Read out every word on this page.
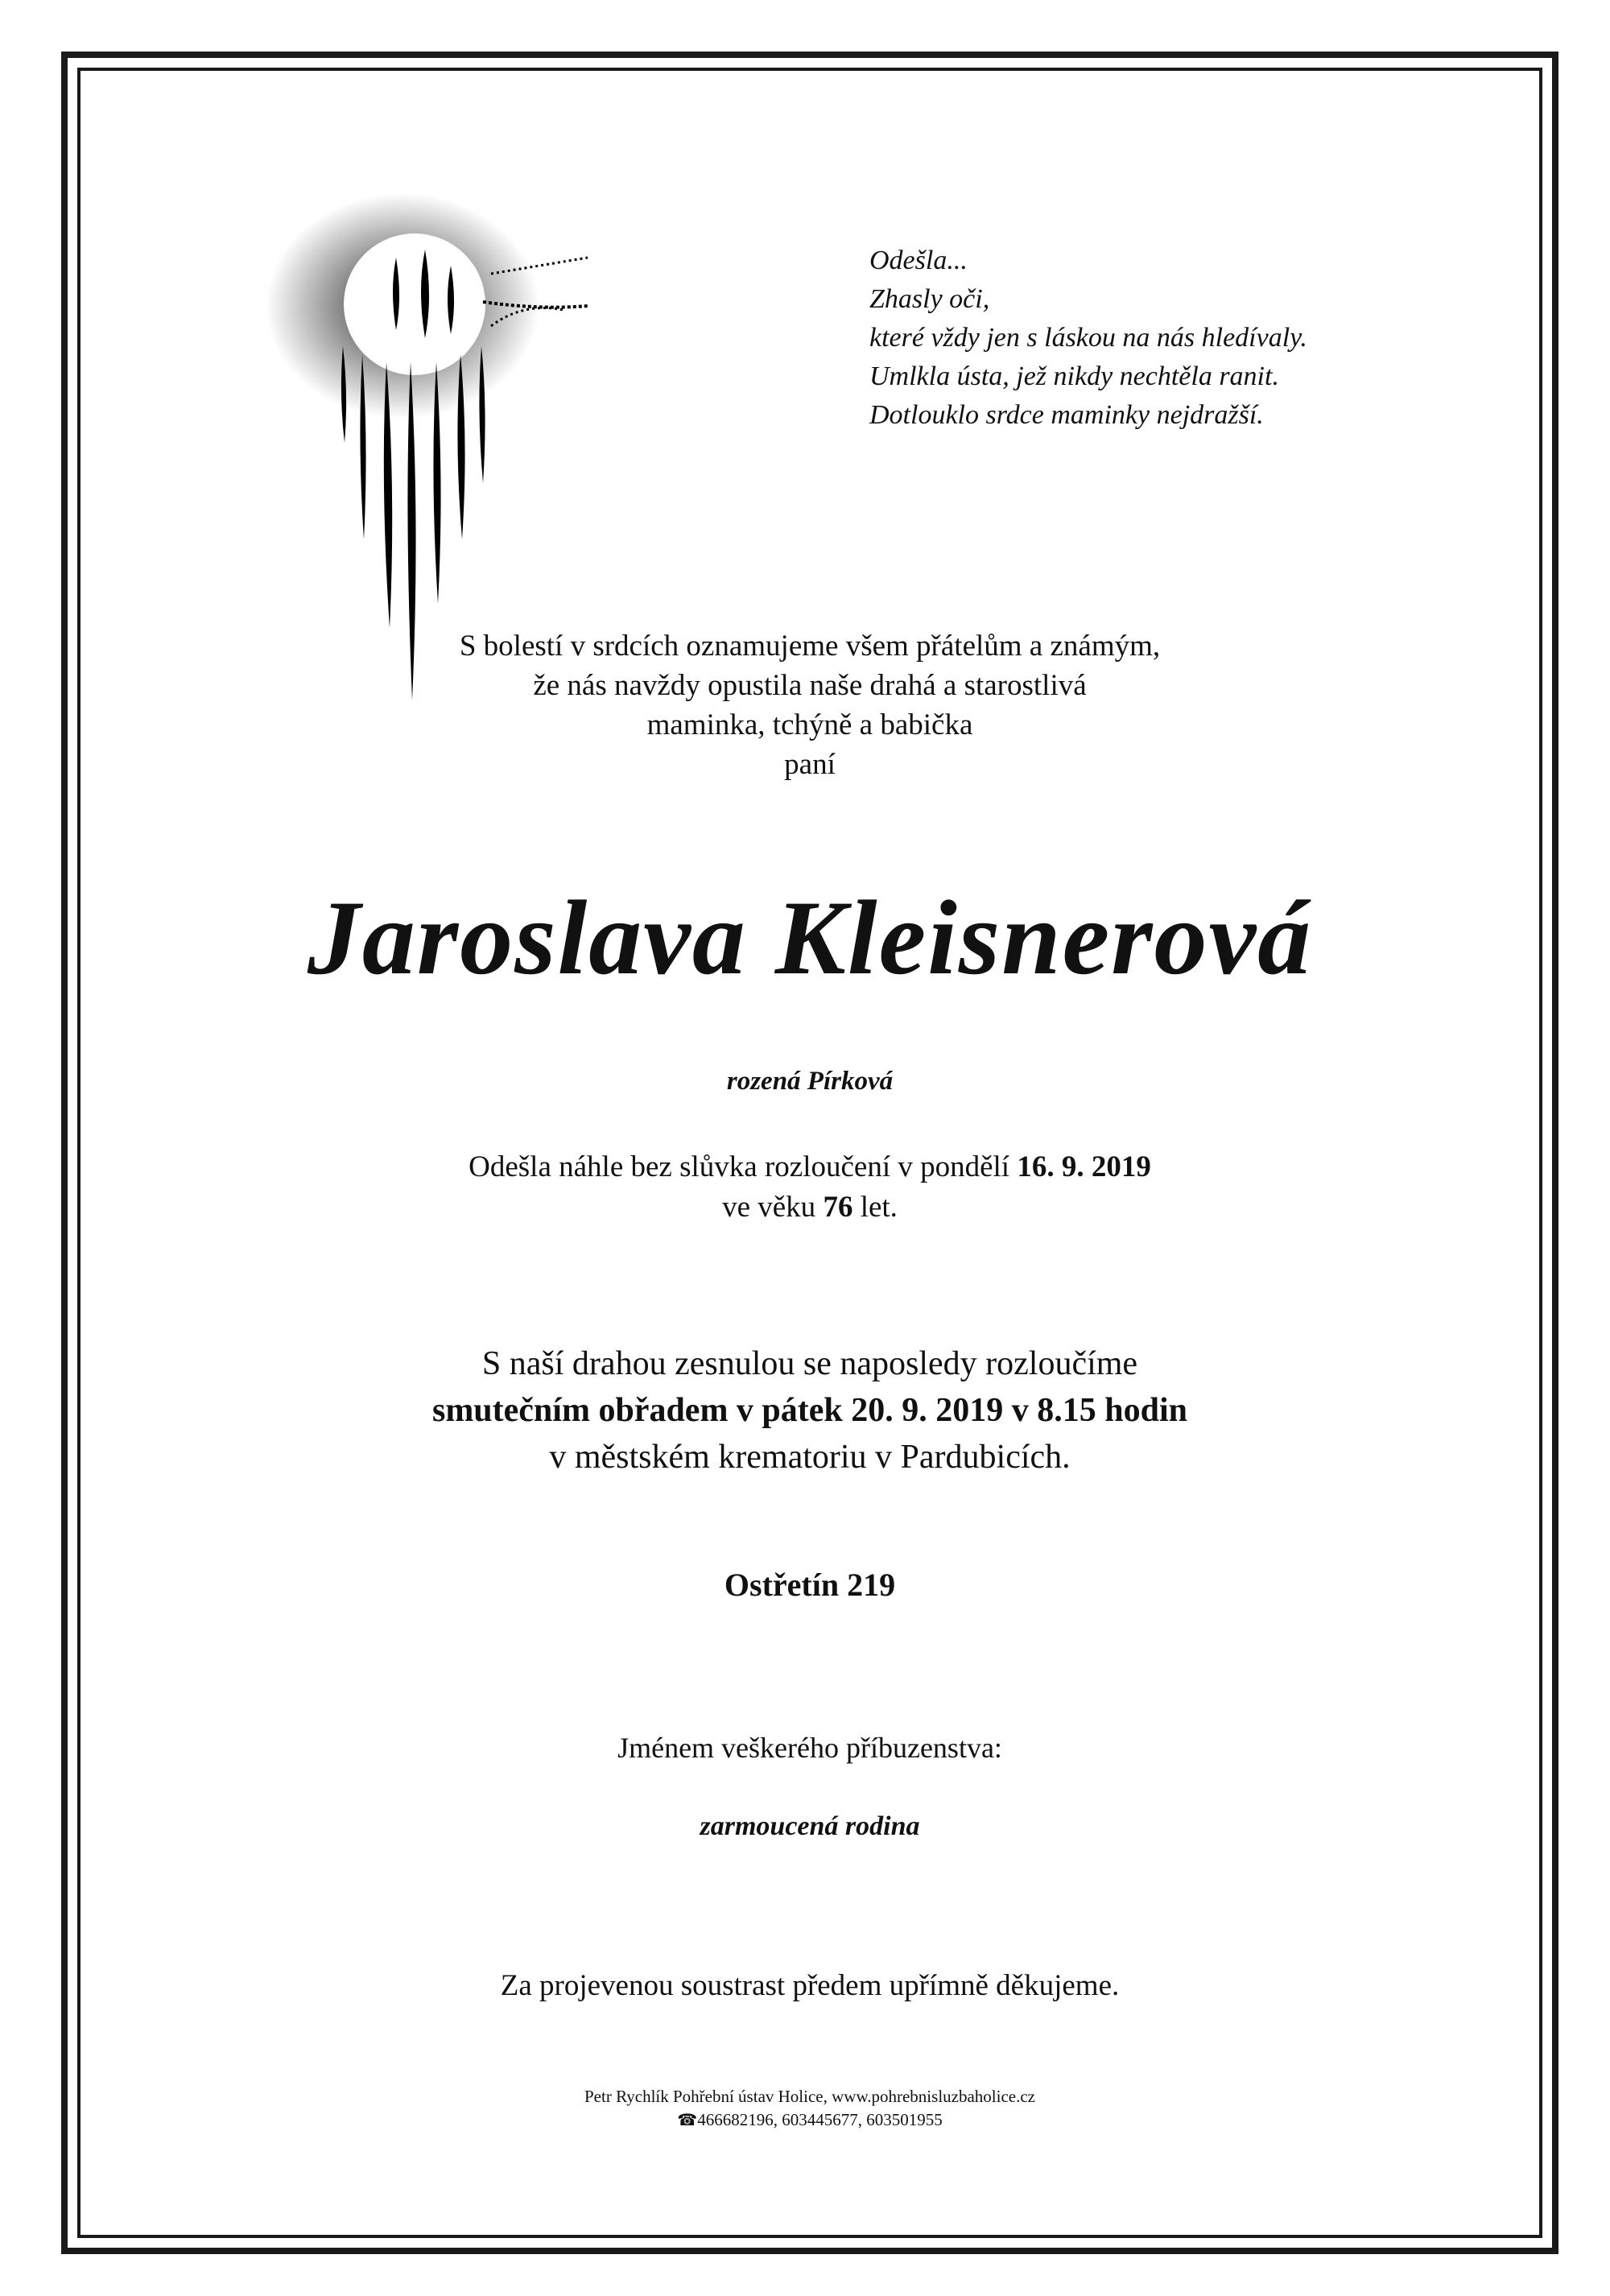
Odešla...
Zhasly oči,
které vždy jen s láskou na nás hledívaly.
Umlkla ústa, jež nikdy nechtěla ranit.
Dotlouklo srdce maminky nejdražší.
S bolestí v srdcích oznamujeme všem přátelům a známým,
že nás navždy opustila naše drahá a starostlivá
maminka, tchýně a babička
paní
Jaroslava Kleisnerová
rozená Pírková
Odešla náhle bez slůvka rozloučení v pondělí 16. 9. 2019
ve věku 76 let.
S naší drahou zesnulou se naposledy rozloučíme
smutečním obřadem v pátek 20. 9. 2019 v 8.15 hodin
v městském krematoriu v Pardubicích.
Ostřetín 219
Jménem veškerého příbuzenstva:
zarmoucená rodina
Za projevenou soustrast předem upřímně děkujeme.
Petr Rychlík Pohřební ústav Holice, www.pohrebnisluzbaholice.cz
☎466682196, 603445677, 603501955
